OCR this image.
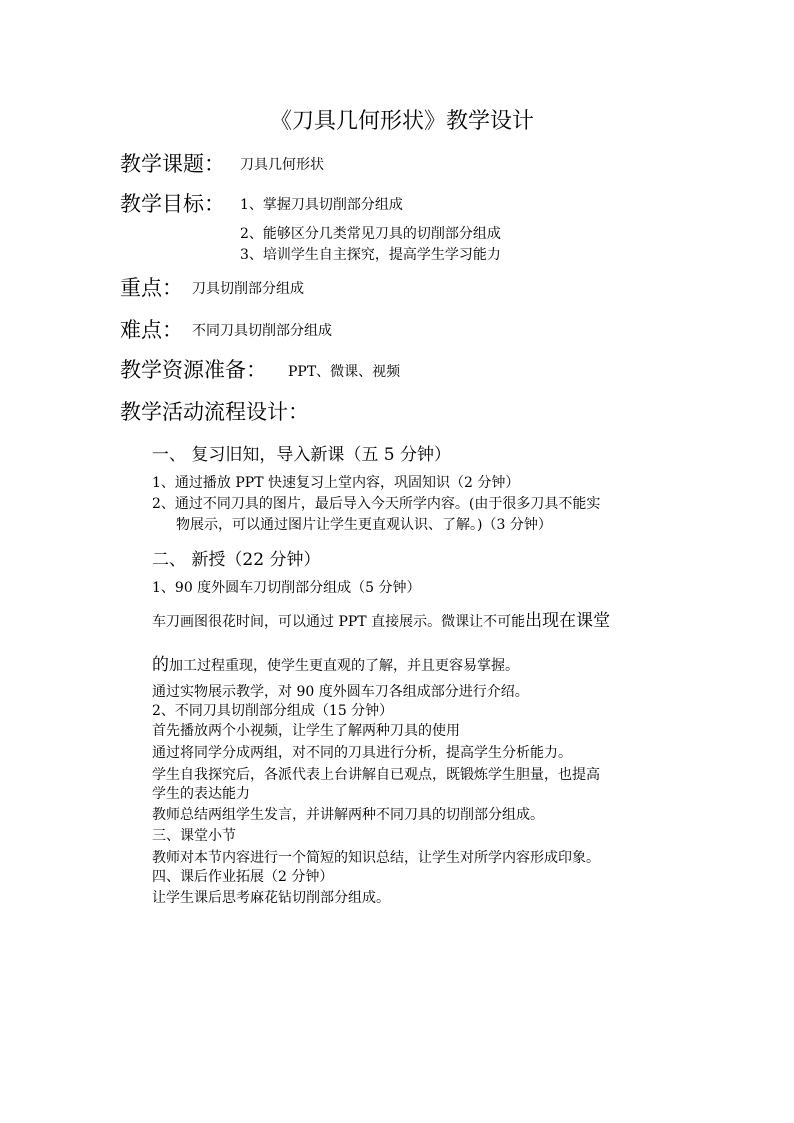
《刀具几何形状》教学设计
教学课题： 刀具几何形状
教学目标： 1、掌握刀具切削部分组成
2、能够区分几类常见刀具的切削部分组成
3、培训学生自主探究，提高学生学习能力
重点： 刀具切削部分组成
难点： 不同刀具切削部分组成
教学资源准备： PPT、微课、视频
教学活动流程设计：
一、 复习旧知，导入新课（五 5 分钟）
1、通过播放 PPT 快速复习上堂内容，巩固知识（2 分钟）
2、通过不同刀具的图片，最后导入今天所学内容。(由于很多刀具不能实
物展示，可以通过图片让学生更直观认识、了解。)（3 分钟）
二、 新授（22 分钟）
1、90 度外圆车刀切削部分组成（5 分钟）
车刀画图很花时间，可以通过 PPT 直接展示。微课让不可能出现在课堂
的加工过程重现，使学生更直观的了解，并且更容易掌握。
通过实物展示教学，对 90 度外圆车刀各组成部分进行介绍。
2、不同刀具切削部分组成（15 分钟）
首先播放两个小视频，让学生了解两种刀具的使用
通过将同学分成两组，对不同的刀具进行分析，提高学生分析能力。
学生自我探究后，各派代表上台讲解自已观点，既锻炼学生胆量，也提高
学生的表达能力
教师总结两组学生发言，并讲解两种不同刀具的切削部分组成。
三、课堂小节
教师对本节内容进行一个简短的知识总结，让学生对所学内容形成印象。
四、课后作业拓展（2 分钟）
让学生课后思考麻花钻切削部分组成。
